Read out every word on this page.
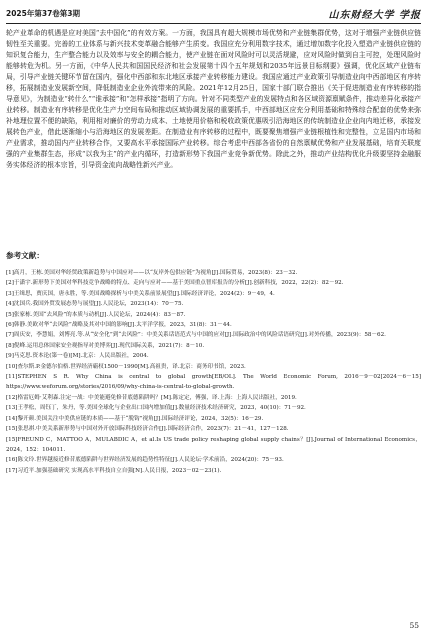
2025年第37卷第3期	山东财经大学 学报
轮产业革命的机遇是应对美国“去中国化”的有效方案。一方面，我国具有超大规模市场优势和产业链集群优势，这对于增强产业链供应链韧性至关重要。完善的工业体系与新兴技术变革融合能够产生质变。我国应充分利用数字技术，通过增加数字化投入塑造产业链供应链的知识复合能力，生产整合能力以及效率与安全的耦合能力，使产业链在面对风险时可以灵活规避，应对风险时做到自主可控，处理风险时能够转危为机。另一方面，《中华人民共和国国民经济和社会发展第十四个五年规划和2035年远景目标纲要》强调，优化区域产业链布局，引导产业链关键环节留在国内，强化中西部和东北地区承接产业转移能力建设。我国应通过产业政策引导制造业向中西部地区有序转移，拓展制造业发展新空间，降低制造业企业外流带来的风险。2021年12月25日，国家十部门联合推出《关于促进制造业有序转移的指导意见》，为制造业“转什么”“谁承接”和“怎样承接”指明了方向。针对不同类型产业的发展特点和各区域资源禀赋条件，推动差异化承接产业转移。制造业有序转移是优化生产力空间布局和推动区域协调发展的重要抓手，中西部地区应充分利用基础和特殊综合配套的优势来弥补地理位置不便的缺陷，利用相对廉价的劳动力成本、土地使用价格和税收政策优惠吸引沿海地区的传统制造业企业向内地迁移，承接发展转色产业，借此逐渐缩小与沿海地区的发展差距。在制造业有序转移的过程中，既要聚焦增强产业链根植性和完整性，立足国内市场和产业需求，推动国内产业转移合作，又要高水平承接国际产业转移。综合考虑中西部各省份的自然禀赋优势和产业发展基础，培育关联度强的产业集群生态，形成“以我为主”的产业内循环，打造新形势下我国产业竞争新优势。除此之外，推动产业结构优化升级要坚持金融服务实体经济的根本宗旨，引导资金流向战略性新兴产业。
参考文献：
[1]高月，王栋.美国对华经贸政策新趋势与中国应对——以“友岸外包供应链”为视角[J].国际贸易，2023(8)：23－32.
[2]于潇宇.新形势下美国对华科技竞争战略的特点、走向与应对——基于美国重点智库报告的分析[J].创新科技，2022，22(2)：82－92.
[3]王缉思，贾庆国，唐永胜，等.美国战略探析与中美关系前景展望[J].国际经济评论，2024(2)：9－49，4.
[4]沈国兵.我国外贸发展态势与展望[J].人民论坛，2023(14)：70－75.
[5]张家栋.美国“去风险”的本质与动机[J].人民论坛，2024(4)：83－87.
[6]韩静.美欧对华“去风险”战略及其对中国的影响[J].太平洋学报，2023，31(8)：31－44.
[7]周庆安，李慧娟，刘博亮.等.从“安全化”到“去风险”：中美关系话语范式与中国的应对[J].国际政治中的风险话语研究[J].对外传播，2023(9)：58－62.
[8]倪峰.运用总体国家安全观指导对美博弈[J].现代国际关系，2021(7)：8－10.
[9]马克思.资本论(第一卷)[M].北京：人民出版社，2004.
[10]查尔斯.P.金德尔伯格.世界经济霸权1500－1990[M].高祖贵，译.北京：商务印书馆，2023.
[11]STEPHEN S R. Why China is central to global growth[EB/OL]. The World Economic Forum, 2016－9－02[2024－6－15] https://www.weforum.org/stories/2016/09/why-china-is-central-to-global-growth.
[12]格雷厄姆·艾利森.注定一战：中美能避免修昔底德陷阱吗？[M].陈定定，傅强，译.上海：上海人民出版社，2019.
[13]王孝松，周钰丁，朱丹，等.美国全球化与企业出口国内增加值[J].数量经济技术经济研究，2023，40(10)：71－92.
[14]黎开颜.美国关注中美供应链的本质——基于“脱钩”视角[J].国际经济评论，2024，32(5)：16－29.
[15]张思祺.中美关系新形势与中国对外开放国际科技经济合作[J].国际经济合作，2023(7)：21－41，127－128.
[15]FREUND C，MATTOO A，MULABDIC A，et al.Is US trade policy reshaping global supply chains？[J].Journal of International Economics，2024，152：104011.
[16]陈文玲.世界越接近修昔底德陷阱与世界经济发展的趋势性特征[J].人民论坛·学术前沿，2024(20)：75－93.
[17]习近平.加强基础研究 实现高水平科技自立自强[N].人民日报，2023－02－23(1).
55
